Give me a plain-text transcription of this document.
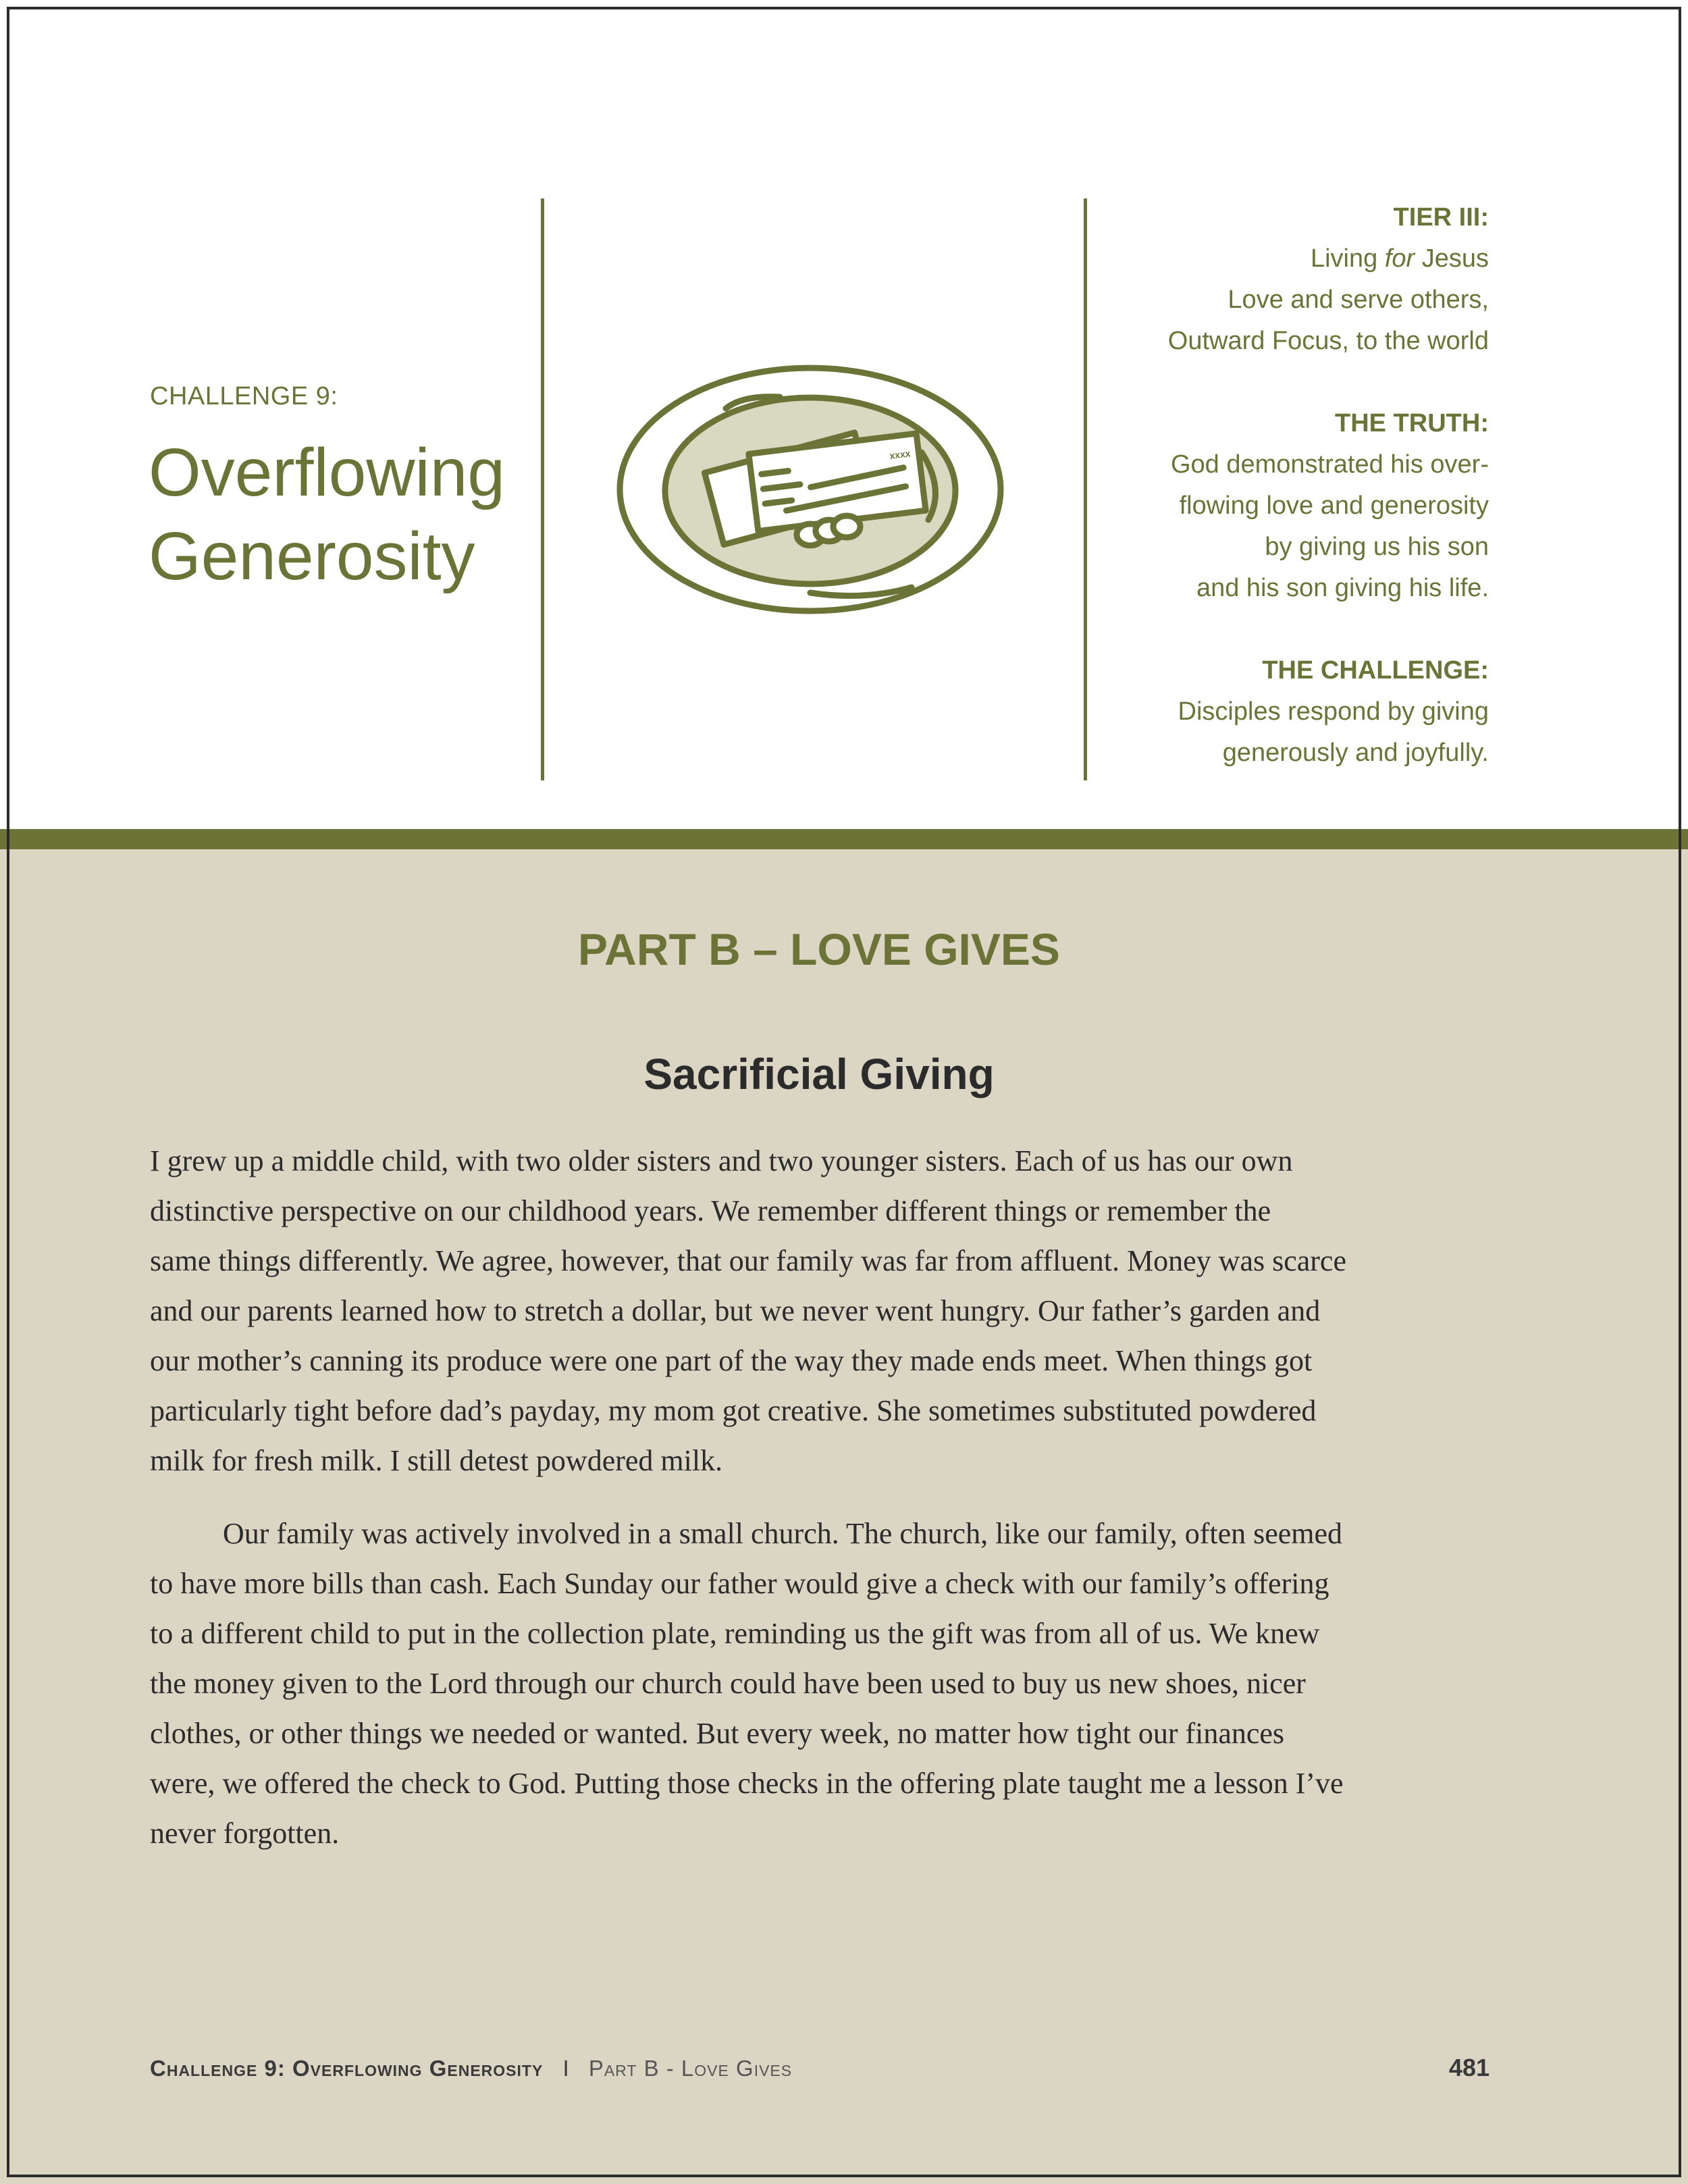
CHALLENGE 9:
Overflowing
Generosity
xxxx
TIER III:
Living for Jesus
Love and serve others,
Outward Focus, to the world
THE TRUTH:
God demonstrated his over-
flowing love and generosity
by giving us his son
and his son giving his life.
THE CHALLENGE:
Disciples respond by giving
generously and joyfully.
PART B – LOVE GIVES
Sacrificial Giving
I grew up a middle child, with two older sisters and two younger sisters. Each of us has our own
distinctive perspective on our childhood years. We remember different things or remember the
same things differently. We agree, however, that our family was far from affluent. Money was scarce
and our parents learned how to stretch a dollar, but we never went hungry. Our father’s garden and
our mother’s canning its produce were one part of the way they made ends meet. When things got
particularly tight before dad’s payday, my mom got creative. She sometimes substituted powdered
milk for fresh milk. I still detest powdered milk.
Our family was actively involved in a small church. The church, like our family, often seemed
to have more bills than cash. Each Sunday our father would give a check with our family’s offering
to a different child to put in the collection plate, reminding us the gift was from all of us. We knew
the money given to the Lord through our church could have been used to buy us new shoes, nicer
clothes, or other things we needed or wanted. But every week, no matter how tight our finances
were, we offered the check to God. Putting those checks in the offering plate taught me a lesson I’ve
never forgotten.
Challenge 9: Overflowing Generosity I Part B - Love Gives	481
